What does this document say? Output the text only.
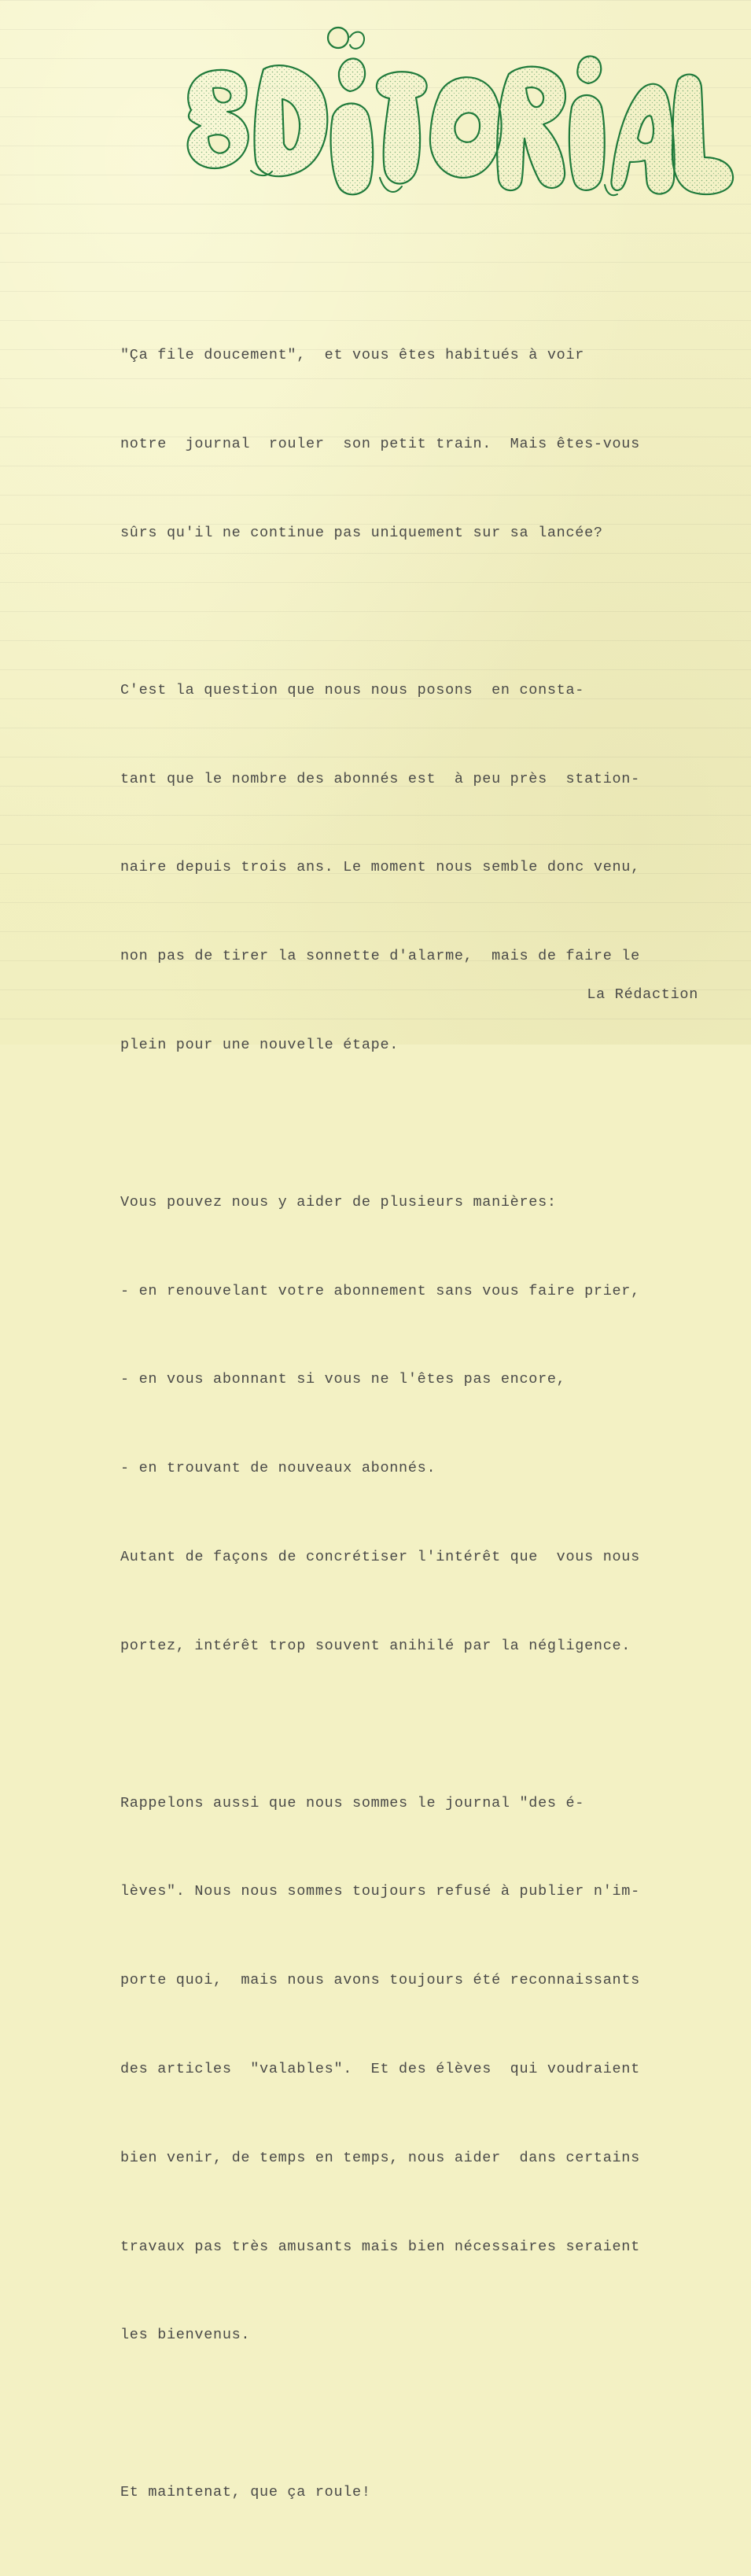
"Ça file doucement",  et vous êtes habitués à voir

notre  journal  rouler  son petit train.  Mais êtes-vous

sûrs qu'il ne continue pas uniquement sur sa lancée?

C'est la question que nous nous posons  en consta-

tant que le nombre des abonnés est  à peu près  station-

naire depuis trois ans. Le moment nous semble donc venu,

non pas de tirer la sonnette d'alarme,  mais de faire le

plein pour une nouvelle étape.

Vous pouvez nous y aider de plusieurs manières:

- en renouvelant votre abonnement sans vous faire prier,

- en vous abonnant si vous ne l'êtes pas encore,

- en trouvant de nouveaux abonnés.

Autant de façons de concrétiser l'intérêt que  vous nous

portez, intérêt trop souvent anihilé par la négligence.

Rappelons aussi que nous sommes le journal "des é-

lèves". Nous nous sommes toujours refusé à publier n'im-

porte quoi,  mais nous avons toujours été reconnaissants

des articles  "valables".  Et des élèves  qui voudraient

bien venir, de temps en temps, nous aider  dans certains

travaux pas très amusants mais bien nécessaires seraient

les bienvenus.

Et maintenat, que ça roule!

La Rédaction
